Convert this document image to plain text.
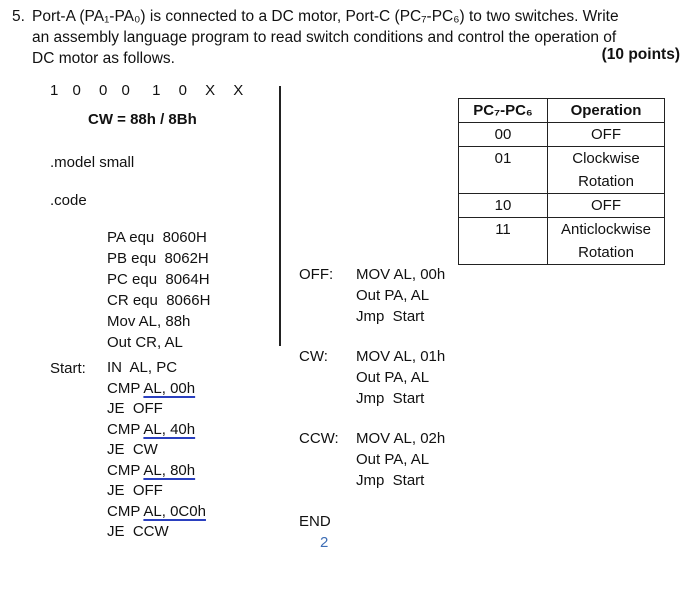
5. Port-A (PA₁-PA₀) is connected to a DC motor, Port-C (PC₇-PC₆) to two switches. Write
an assembly language program to read switch conditions and control the operation of
DC motor as follows.	(10 points)
1 0 0 0 1 0 X X
CW = 88h / 8Bh
.model small
.code
PA equ  8060H
PB equ  8062H
PC equ  8064H
CR equ  8066H
Mov AL, 88h
Out CR, AL
Start: IN  AL, PC
CMP AL, 00h
JE  OFF
CMP AL, 40h
JE  CW
CMP AL, 80h
JE  OFF
CMP AL, 0C0h
JE  CCW
OFF: MOV AL, 00h
Out PA, AL
Jmp  Start
CW: MOV AL, 01h
Out PA, AL
Jmp  Start
CCW: MOV AL, 02h
Out PA, AL
Jmp  Start
END
2
PC₇-PC₆	Operation
00	OFF

01	Clockwise
Rotation

10	OFF

11	Anticlockwise
Rotation
